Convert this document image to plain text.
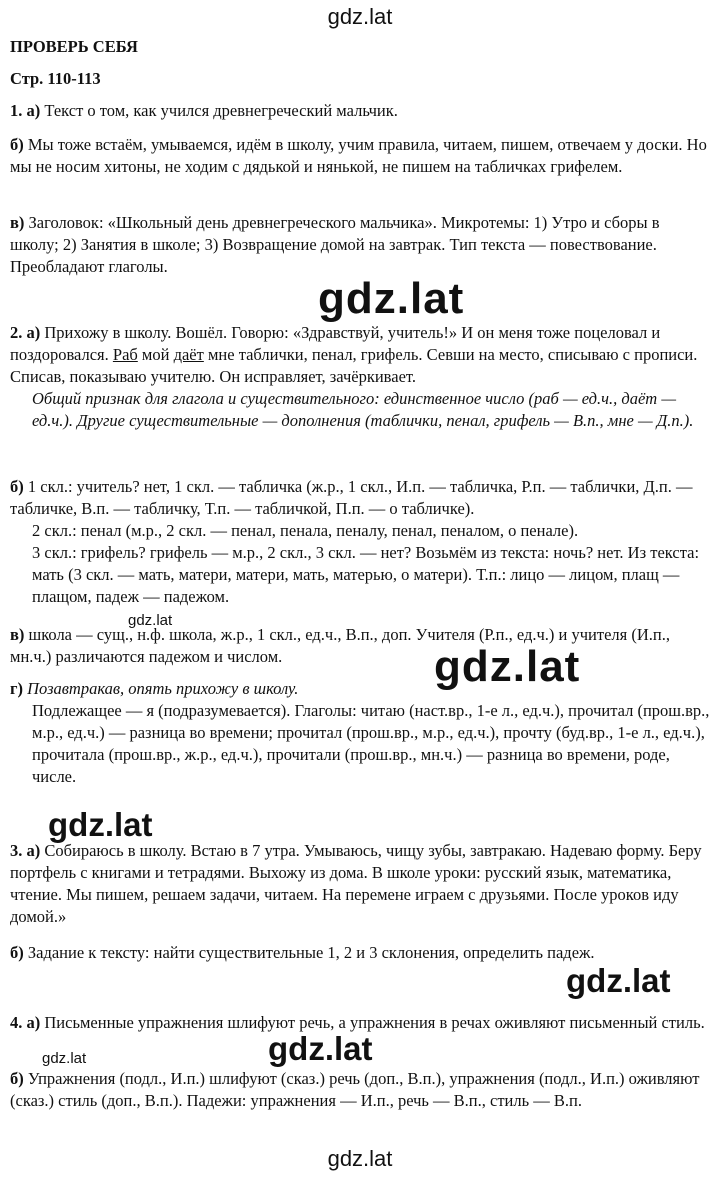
gdz.lat
ПРОВЕРЬ СЕБЯ
Стр. 110-113

1. а) Текст о том, как учился древнегреческий мальчик.

б) Мы тоже встаём, умываемся, идём в школу, учим правила, читаем, пишем, отвечаем у доски. Но мы не носим хитоны, не ходим с дядькой и нянькой, не пишем на табличках грифелем.

в) Заголовок: «Школьный день древнегреческого мальчика». Микротемы: 1) Утро и сборы в школу; 2) Занятия в школе; 3) Возвращение домой на завтрак. Тип текста — повествование. Преобладают глаголы.

gdz.lat

2. а) Прихожу в школу. Вошёл. Говорю: «Здравствуй, учитель!» И он меня тоже поцеловал и поздоровался. Раб мой даёт мне таблички, пенал, грифель. Севши на место, списываю с прописи. Списав, показываю учителю. Он исправляет, зачёркивает.

Общий признак для глагола и существительного: единственное число (раб — ед.ч., даёт — ед.ч.). Другие существительные — дополнения (таблички, пенал, грифель — В.п., мне — Д.п.).

б) 1 скл.: учитель? нет, 1 скл. — табличка (ж.р., 1 скл., И.п. — табличка, Р.п. — таблички, Д.п. — табличке, В.п. — табличку, Т.п. — табличкой, П.п. — о табличке).

2 скл.: пенал (м.р., 2 скл. — пенал, пенала, пеналу, пенал, пеналом, о пенале).

3 скл.: грифель? грифель — м.р., 2 скл., 3 скл. — нет? Возьмём из текста: ночь? нет. Из текста: мать (3 скл. — мать, матери, матери, мать, матерью, о матери). Т.п.: лицо — лицом, плащ — плащом, падеж — падежом.

gdz.lat

в) школа — сущ., н.ф. школа, ж.р., 1 скл., ед.ч., В.п., доп. Учителя (Р.п., ед.ч.) и учителя (И.п., мн.ч.) различаются падежом и числом.	gdz.lat

г) Позавтракав, опять прихожу в школу.

Подлежащее — я (подразумевается). Глаголы: читаю (наст.вр., 1-е л., ед.ч.), прочитал (прош.вр., м.р., ед.ч.) — разница во времени; прочитал (прош.вр., м.р., ед.ч.), прочту (буд.вр., 1-е л., ед.ч.), прочитала (прош.вр., ж.р., ед.ч.), прочитали (прош.вр., мн.ч.) — разница во времени, роде, числе.

gdz.lat

3. а) Собираюсь в школу. Встаю в 7 утра. Умываюсь, чищу зубы, завтракаю. Надеваю форму. Беру портфель с книгами и тетрадями. Выхожу из дома. В школе уроки: русский язык, математика, чтение. Мы пишем, решаем задачи, читаем. На перемене играем с друзьями. После уроков иду домой.»

б) Задание к тексту: найти существительные 1, 2 и 3 склонения, определить падеж.

gdz.lat

4. а) Письменные упражнения шлифуют речь, а упражнения в речах оживляют письменный стиль.

gdz.lat
gdz.lat

б) Упражнения (подл., И.п.) шлифуют (сказ.) речь (доп., В.п.), упражнения (подл., И.п.) оживляют (сказ.) стиль (доп., В.п.). Падежи: упражнения — И.п., речь — В.п., стиль — В.п.

gdz.lat
